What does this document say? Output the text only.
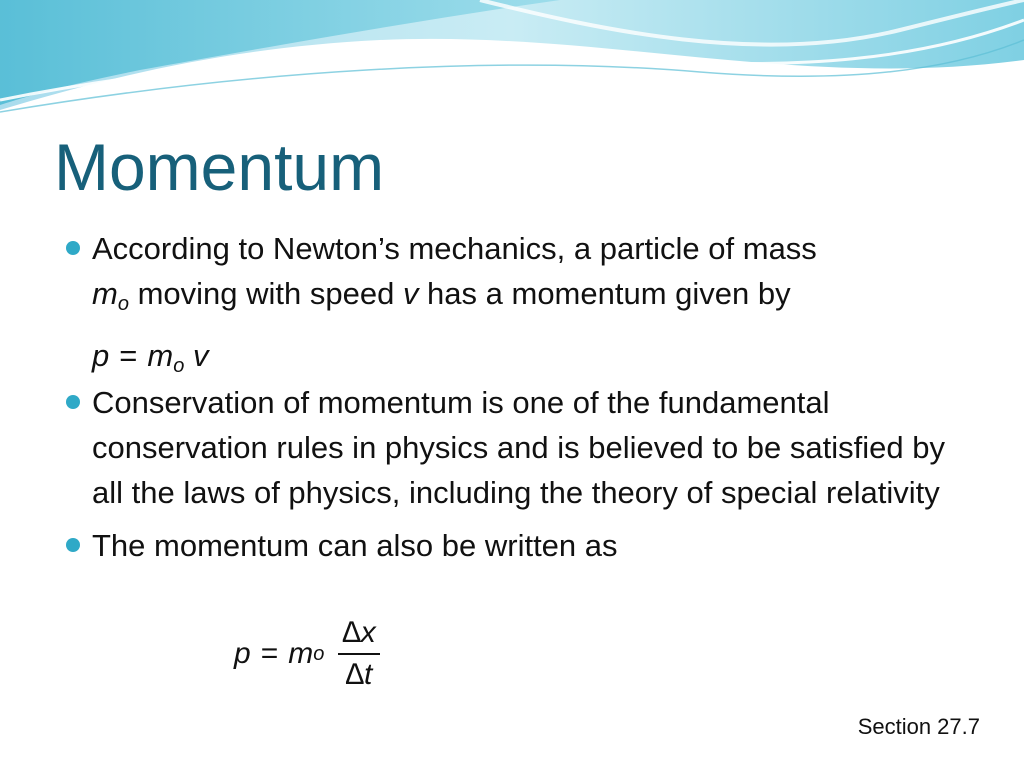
Momentum
According to Newton’s mechanics, a particle of mass
$m_o$ moving with speed v has a momentum given by
$p = m_o$ v
Conservation of momentum is one of the fundamental conservation rules in physics and is believed to be satisfied by all the laws of physics, including the theory of special relativity
The momentum can also be written as
p = m o $\frac{\Delta x}{\Delta t}$
Section 27.7
